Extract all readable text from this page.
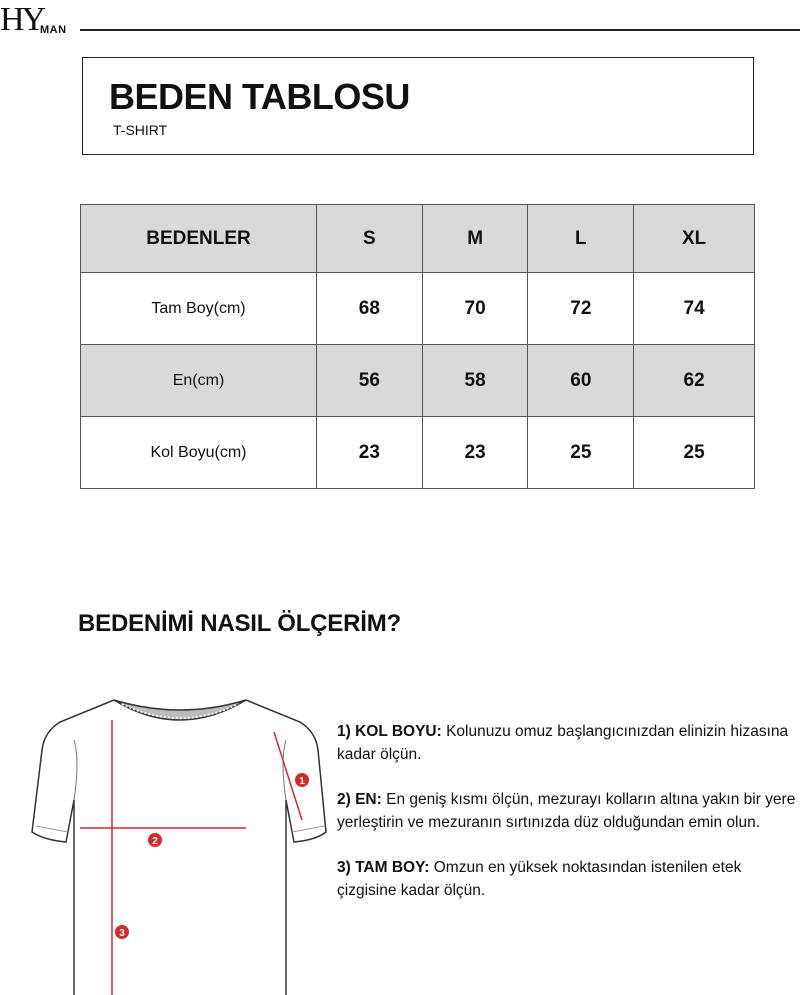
HY
MAN
BEDEN TABLOSU
T-SHIRT
BEDENLER	S	M	L	XL
Tam Boy(cm)	68	70	72	74
En(cm)	56	58	60	62
Kol Boyu(cm)	23	23	25	25
BEDENİMİ NASIL ÖLÇERİM?
1
2
3

1) KOL BOYU: Kolunuzu omuz başlangıcınızdan elinizin hizasına kadar ölçün.

2) EN: En geniş kısmı ölçün, mezurayı kolların altına yakın bir yere yerleştirin ve mezuranın sırtınızda düz olduğundan emin olun.

3) TAM BOY: Omzun en yüksek noktasından istenilen etek çizgisine kadar ölçün.
